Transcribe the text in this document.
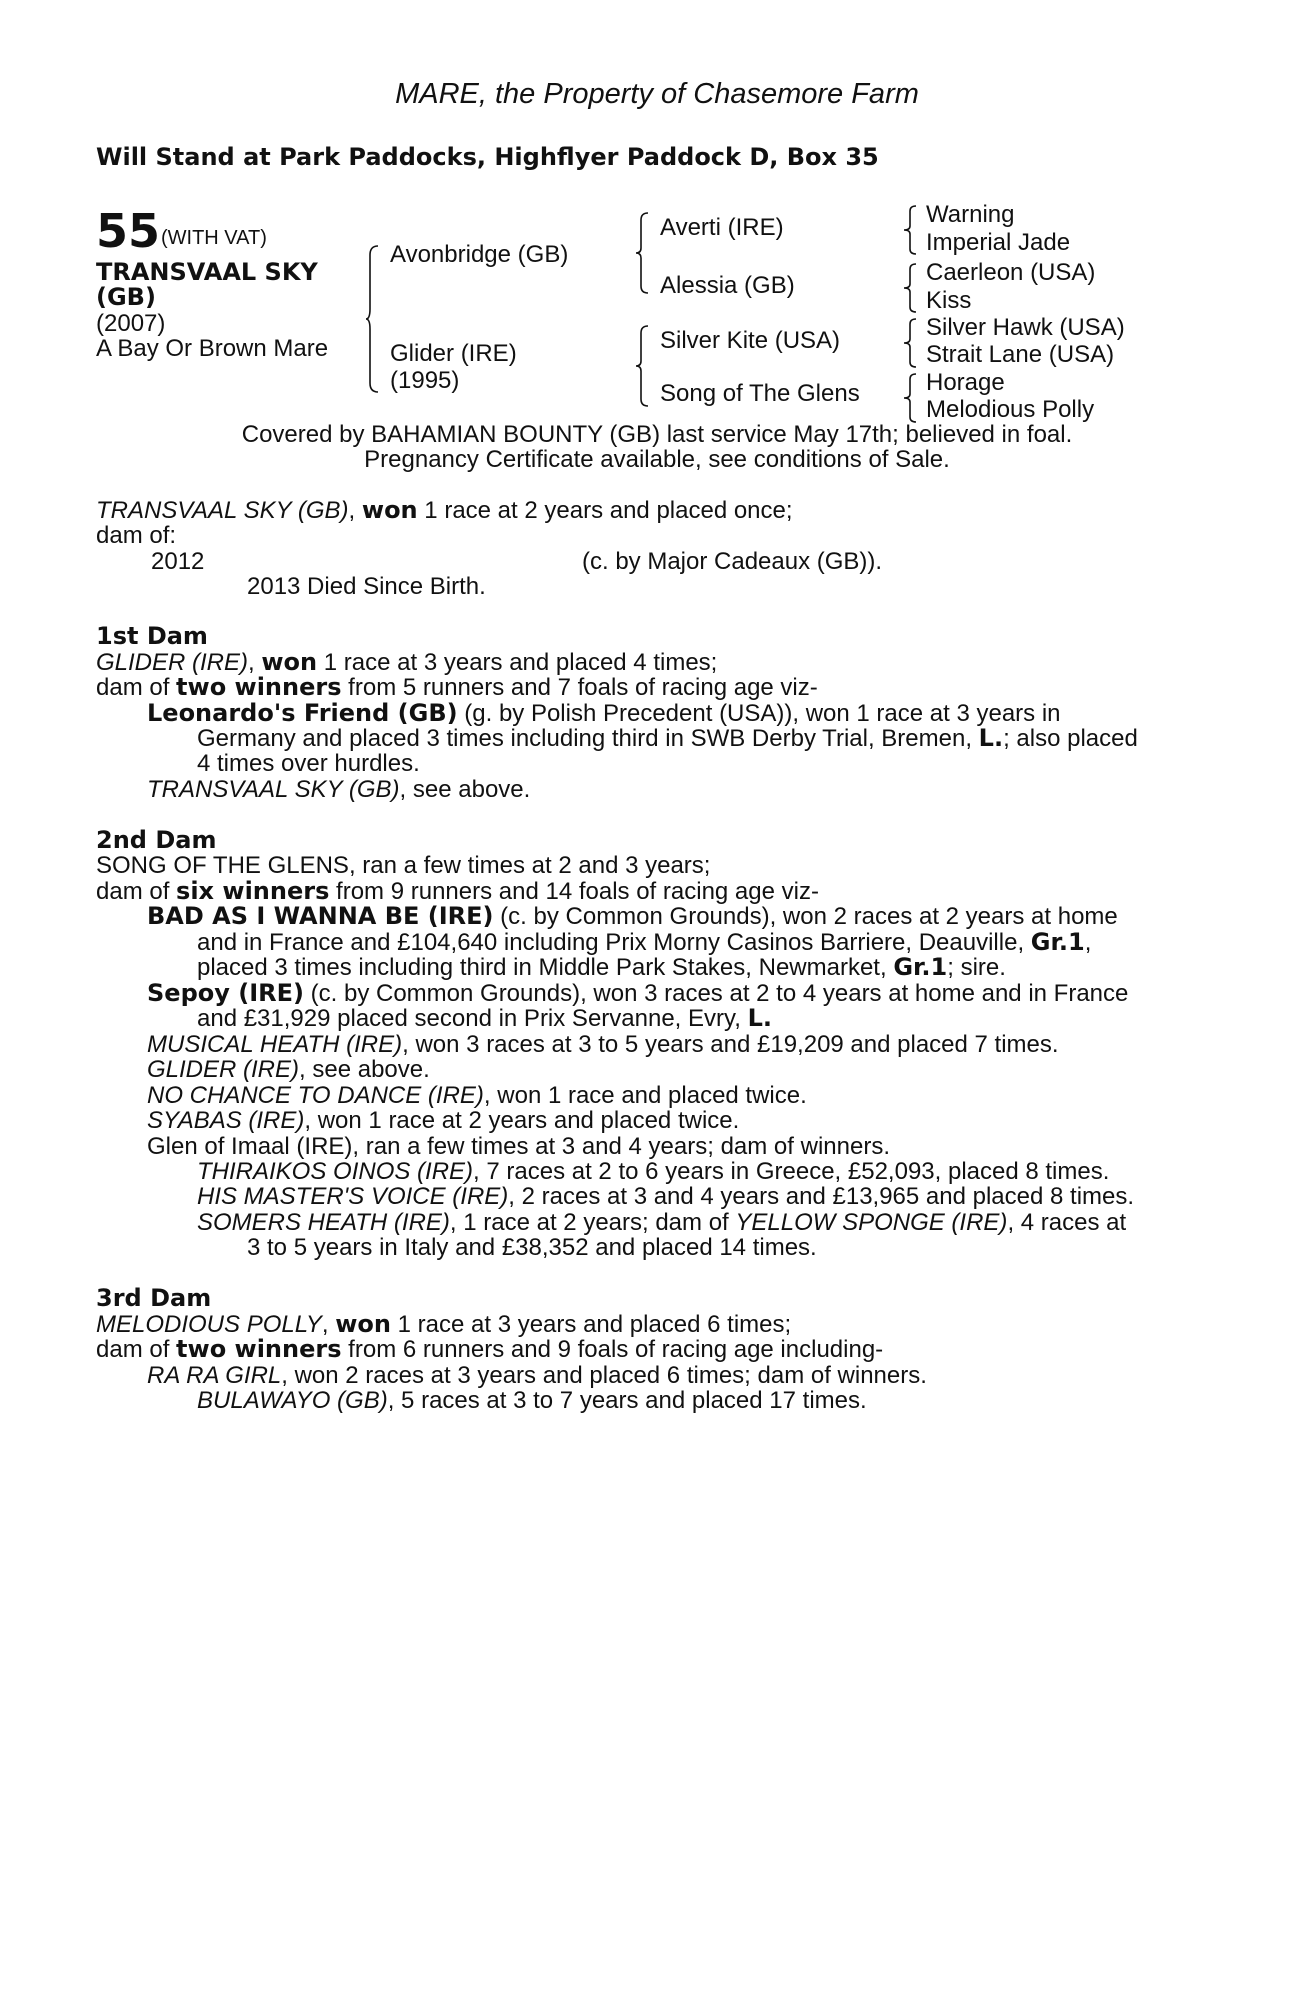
MARE, the Property of Chasemore Farm
Will Stand at Park Paddocks, Highflyer Paddock D, Box 35
55 (WITH VAT)
TRANSVAAL SKY
(GB)
(2007)
A Bay Or Brown Mare
Avonbridge (GB)
Glider (IRE)
(1995)
Averti (IRE)
Alessia (GB)
Silver Kite (USA)
Song of The Glens
Warning
Imperial Jade
Caerleon (USA)
Kiss
Silver Hawk (USA)
Strait Lane (USA)
Horage
Melodious Polly
Covered by BAHAMIAN BOUNTY (GB) last service May 17th; believed in foal.
Pregnancy Certificate available, see conditions of Sale.
TRANSVAAL SKY (GB), won 1 race at 2 years and placed once;
dam of:
2012	(c. by Major Cadeaux (GB)).
2013 Died Since Birth.
1st Dam
GLIDER (IRE), won 1 race at 3 years and placed 4 times;
dam of two winners from 5 runners and 7 foals of racing age viz-
Leonardo's Friend (GB) (g. by Polish Precedent (USA)), won 1 race at 3 years in
Germany and placed 3 times including third in SWB Derby Trial, Bremen, L.; also placed
4 times over hurdles.
TRANSVAAL SKY (GB), see above.
2nd Dam
SONG OF THE GLENS, ran a few times at 2 and 3 years;
dam of six winners from 9 runners and 14 foals of racing age viz-
BAD AS I WANNA BE (IRE) (c. by Common Grounds), won 2 races at 2 years at home
and in France and £104,640 including Prix Morny Casinos Barriere, Deauville, Gr.1,
placed 3 times including third in Middle Park Stakes, Newmarket, Gr.1; sire.
Sepoy (IRE) (c. by Common Grounds), won 3 races at 2 to 4 years at home and in France
and £31,929 placed second in Prix Servanne, Evry, L.
MUSICAL HEATH (IRE), won 3 races at 3 to 5 years and £19,209 and placed 7 times.
GLIDER (IRE), see above.
NO CHANCE TO DANCE (IRE), won 1 race and placed twice.
SYABAS (IRE), won 1 race at 2 years and placed twice.
Glen of Imaal (IRE), ran a few times at 3 and 4 years; dam of winners.
THIRAIKOS OINOS (IRE), 7 races at 2 to 6 years in Greece, £52,093, placed 8 times.
HIS MASTER'S VOICE (IRE), 2 races at 3 and 4 years and £13,965 and placed 8 times.
SOMERS HEATH (IRE), 1 race at 2 years; dam of YELLOW SPONGE (IRE), 4 races at
3 to 5 years in Italy and £38,352 and placed 14 times.
3rd Dam
MELODIOUS POLLY, won 1 race at 3 years and placed 6 times;
dam of two winners from 6 runners and 9 foals of racing age including-
RA RA GIRL, won 2 races at 3 years and placed 6 times; dam of winners.
BULAWAYO (GB), 5 races at 3 to 7 years and placed 17 times.
